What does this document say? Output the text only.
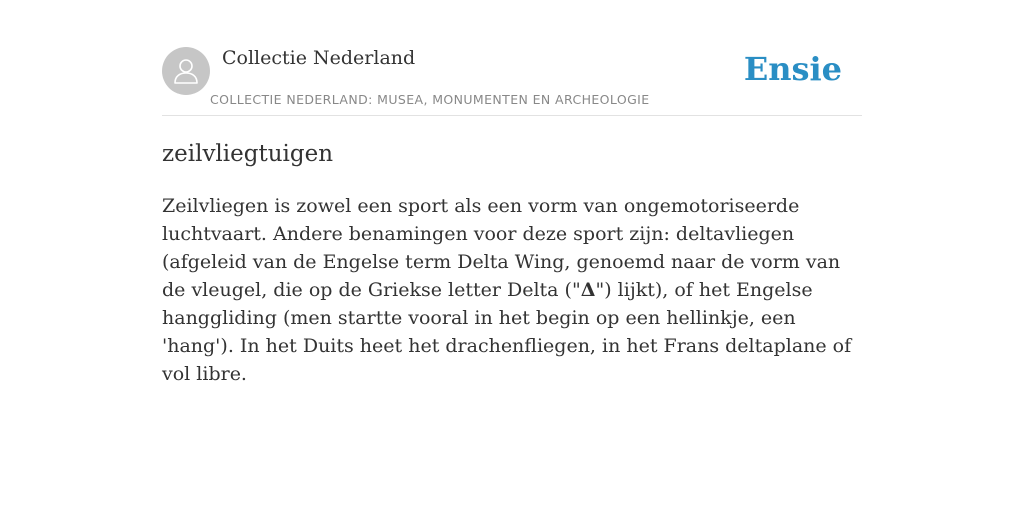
Collectie Nederland
COLLECTIE NEDERLAND: MUSEA, MONUMENTEN EN ARCHEOLOGIE
Ensie
zeilvliegtuigen

Zeilvliegen is zowel een sport als een vorm van ongemotoriseerde luchtvaart. Andere benamingen voor deze sport zijn: deltavliegen (afgeleid van de Engelse term Delta Wing, genoemd naar de vorm van de vleugel, die op de Griekse letter Delta ("Δ") lijkt), of het Engelse hanggliding (men startte vooral in het begin op een hellinkje, een 'hang'). In het Duits heet het drachenfliegen, in het Frans deltaplane of vol libre.
